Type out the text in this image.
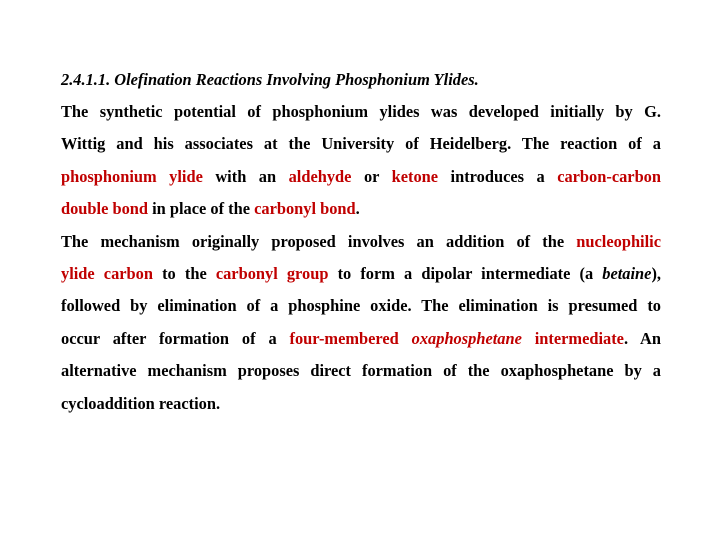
2.4.1.1. Olefination Reactions Involving Phosphonium Ylides.
The synthetic potential of phosphonium ylides was developed initially by G.
Wittig and his associates at the University of Heidelberg. The reaction of a
phosphonium ylide with an aldehyde or ketone introduces a carbon-carbon
double bond in place of the carbonyl bond.
The mechanism originally proposed involves an addition of the nucleophilic
ylide carbon to the carbonyl group to form a dipolar intermediate (a betaine),
followed by elimination of a phosphine oxide. The elimination is presumed to
occur after formation of a four-membered oxaphosphetane intermediate. An
alternative mechanism proposes direct formation of the oxaphosphetane by a
cycloaddition reaction.
